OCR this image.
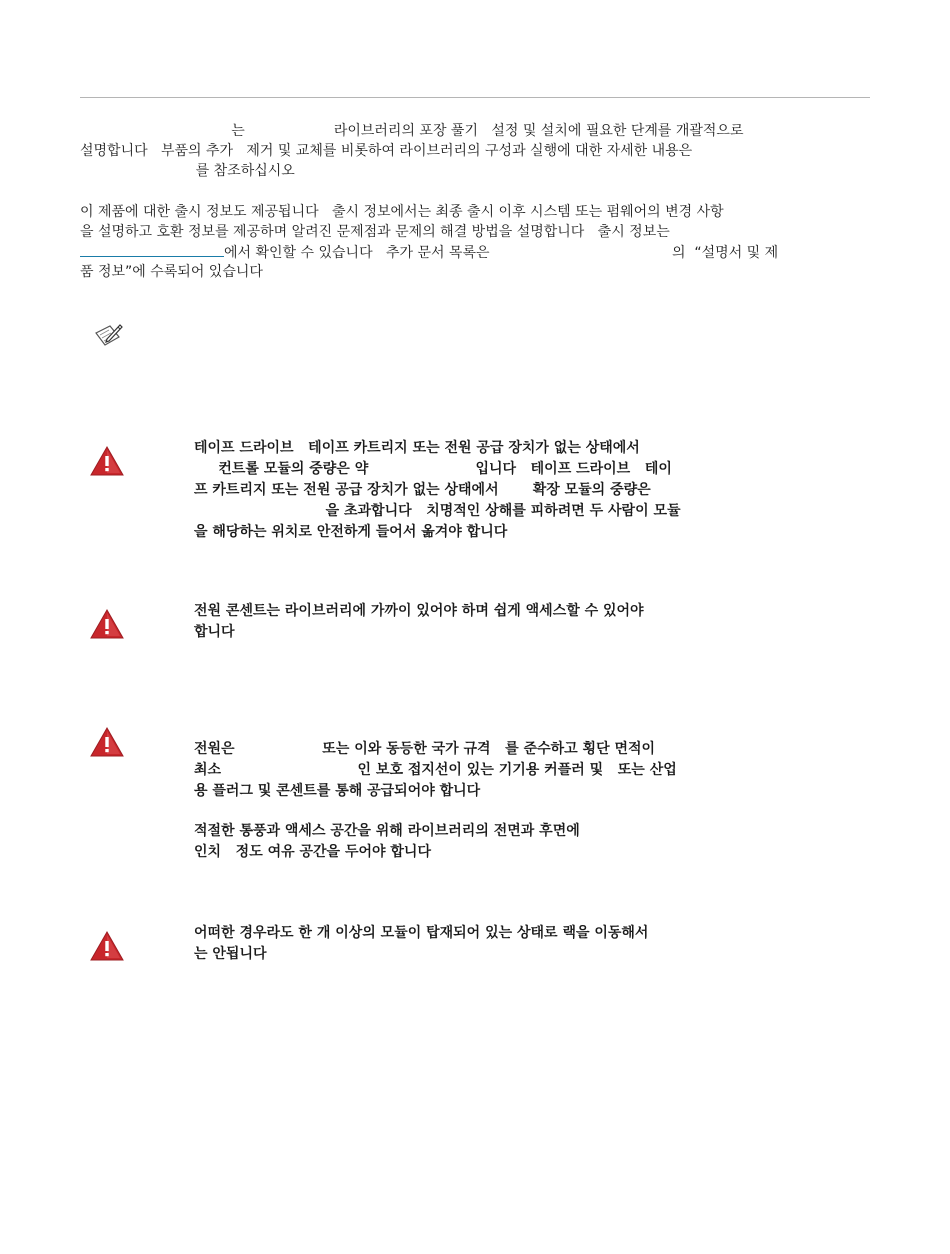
는                    라이브러리의 포장 풀기   설정 및 설치에 필요한 단계를 개괄적으로
설명합니다   부품의 추가   제거 및 교체를 비롯하여 라이브러리의 구성과 실행에 대한 자세한 내용은
를 참조하십시오
이 제품에 대한 출시 정보도 제공됩니다   출시 정보에서는 최종 출시 이후 시스템 또는 펌웨어의 변경 사항
을 설명하고 호환 정보를 제공하며 알려진 문제점과 문제의 해결 방법을 설명합니다   출시 정보는
에서 확인할 수 있습니다   추가 문서 목록은                                         의  “설명서 및 제
품 정보”에 수록되어 있습니다
테이프 드라이브   테이프 카트리지 또는 전원 공급 장치가 없는 상태에서
컨트롤 모듈의 중량은 약                      입니다   테이프 드라이브   테이
프 카트리지 또는 전원 공급 장치가 없는 상태에서       확장 모듈의 중량은
을 초과합니다   치명적인 상해를 피하려면 두 사람이 모듈
을 해당하는 위치로 안전하게 들어서 옮겨야 합니다
전원 콘센트는 라이브러리에 가까이 있어야 하며 쉽게 액세스할 수 있어야
합니다
전원은                  또는 이와 동등한 국가 규격   를 준수하고 횡단 면적이
최소                            인 보호 접지선이 있는 기기용 커플러 및   또는 산업
용 플러그 및 콘센트를 통해 공급되어야 합니다
적절한 통풍과 액세스 공간을 위해 라이브러리의 전면과 후면에
인치   정도 여유 공간을 두어야 합니다
어떠한 경우라도 한 개 이상의 모듈이 탑재되어 있는 상태로 랙을 이동해서
는 안됩니다
